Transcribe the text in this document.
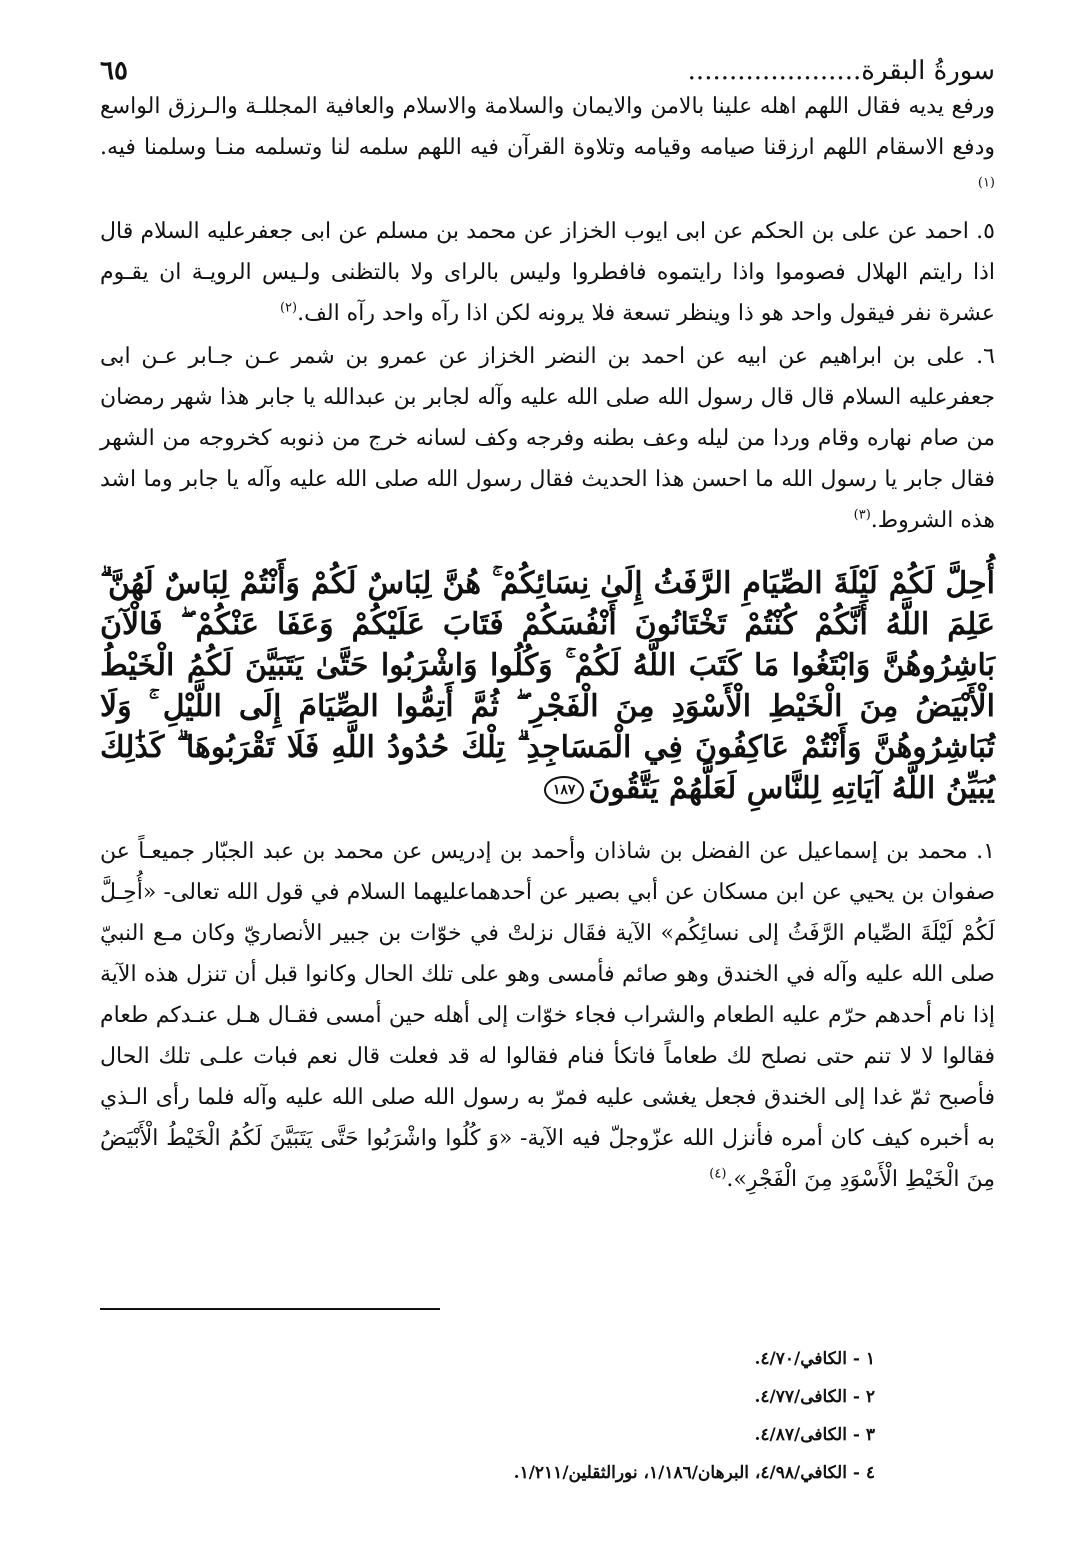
سورةُ البقرة.....................
٦٥

ورفع يديه فقال اللهم اهله علينا بالامن والايمان والسلامة والاسلام والعافية المجللـة والـرزق الواسع ودفع الاسقام اللهم ارزقنا صيامه وقيامه وتلاوة القرآن فيه اللهم سلمه لنا وتسلمه منـا وسلمنا فيه.$^{(١)}$

٥. احمد عن على بن الحكم عن ابى ايوب الخزاز عن محمد بن مسلم عن ابى جعفرعليه السلام قال اذا رايتم الهلال فصوموا واذا رايتموه فافطروا وليس بالراى ولا بالتظنى ولـيس الرويـة ان يقـوم عشرة نفر فيقول واحد هو ذا وينظر تسعة فلا يرونه لكن اذا رآه واحد رآه الف.$^{(٢)}$

٦. على بن ابراهيم عن ابيه عن احمد بن النضر الخزاز عن عمرو بن شمر عـن جـابر عـن ابى جعفرعليه السلام قال قال رسول الله صلى الله عليه وآله لجابر بن عبدالله يا جابر هذا شهر رمضان من صام نهاره وقام وردا من ليله وعف بطنه وفرجه وكف لسانه خرج من ذنوبه كخروجه من الشهر فقال جابر يا رسول الله ما احسن هذا الحديث فقال رسول الله صلى الله عليه وآله يا جابر وما اشد هذه الشروط.$^{(٣)}$

أُحِلَّ لَكُمْ لَيْلَةَ الصِّيَامِ الرَّفَثُ إِلَىٰ نِسَائِكُمْ ۚ هُنَّ لِبَاسٌ لَكُمْ وَأَنْتُمْ لِبَاسٌ لَهُنَّ ۗ عَلِمَ اللَّهُ أَنَّكُمْ كُنْتُمْ تَخْتَانُونَ أَنْفُسَكُمْ فَتَابَ عَلَيْكُمْ وَعَفَا عَنْكُمْ ۖ فَالْآنَ بَاشِرُوهُنَّ وَابْتَغُوا مَا كَتَبَ اللَّهُ لَكُمْ ۚ وَكُلُوا وَاشْرَبُوا حَتَّىٰ يَتَبَيَّنَ لَكُمُ الْخَيْطُ الْأَبْيَضُ مِنَ الْخَيْطِ الْأَسْوَدِ مِنَ الْفَجْرِ ۖ ثُمَّ أَتِمُّوا الصِّيَامَ إِلَى اللَّيْلِ ۚ وَلَا تُبَاشِرُوهُنَّ وَأَنْتُمْ عَاكِفُونَ فِي الْمَسَاجِدِ ۗ تِلْكَ حُدُودُ اللَّهِ فَلَا تَقْرَبُوهَا ۗ كَذَٰلِكَ يُبَيِّنُ اللَّهُ آيَاتِهِ لِلنَّاسِ لَعَلَّهُمْ يَتَّقُونَ١٨٧

١. محمد بن إسماعيل عن الفضل بن شاذان وأحمد بن إدريس عن محمد بن عبد الجبّار جميعـاً عن صفوان بن يحيي عن ابن مسكان عن أبي بصير عن أحدهماعليهما السلام في قول الله تعالى- «أُحِـلَّ لَكُمْ لَيْلَةَ الصِّيام الرَّفَثُ إلى نسائِكُم» الآية فقَال نزلتْ في خوّات بن جبير الأنصاريّ وكان مـع النبيّ صلى الله عليه وآله في الخندق وهو صائم فأمسى وهو على تلك الحال وكانوا قبل أن تنزل هذه الآية إذا نام أحدهم حرّم عليه الطعام والشراب فجاء خوّات إلى أهله حين أمسى فقـال هـل عنـدكم طعام فقالوا لا لا تنم حتى نصلح لك طعاماً فاتكأ فنام فقالوا له قد فعلت قال نعم فبات علـى تلك الحال فأصبح ثمّ غدا إلى الخندق فجعل يغشى عليه فمرّ به رسول الله صلى الله عليه وآله فلما رأى الـذي به أخبره كيف كان أمره فأنزل الله عزّوجلّ فيه الآية- «وَ كُلُوا واشْرَبُوا حَتَّى يَتَبَيَّنَ لَكُمُ الْخَيْطُ الْأَبْيَضُ مِنَ الْخَيْطِ الْأَسْوَدِ مِنَ الْفَجْرِ».$^{(٤)}$

١ - الكافي/٤/٧٠.
٢ - الكافى/٤/٧٧.
٣ - الكافى/٤/٨٧.
٤ - الكافي/٤/٩٨، البرهان/١/١٨٦، نورالثقلين/١/٢١١.
